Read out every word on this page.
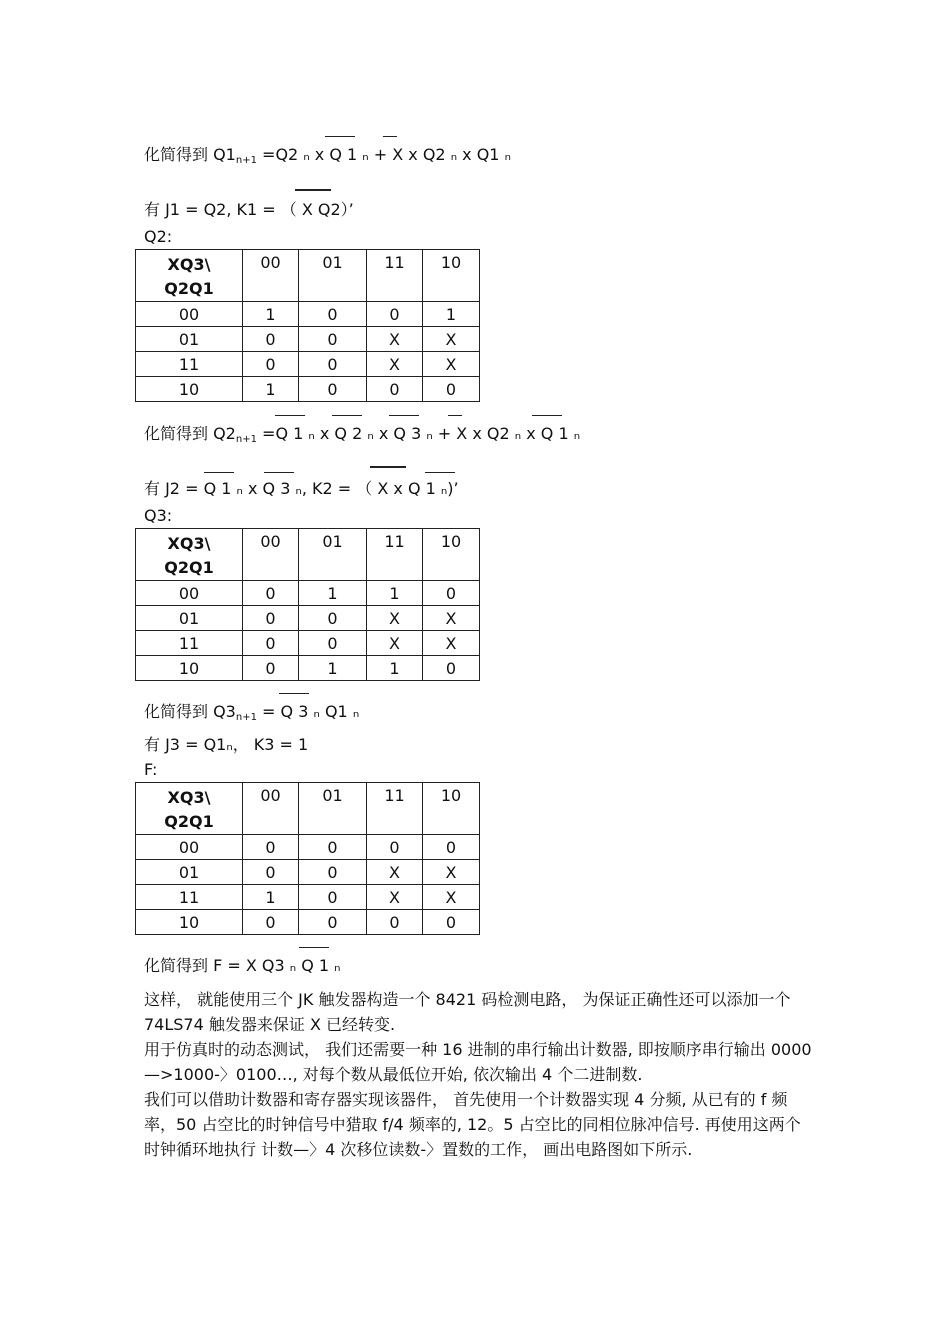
化简得到 $Q1_{n+1} =Q2$ ₙ x Q 1 ₙ + X x Q2 ₙ x Q1 ₙ
有 J1 = Q2, K1 = （ X Q2）’
Q2:
XQ3\
Q2Q1	00	01	11	10
00	1	0	0	1
01	0	0	X	X
11	0	0	X	X
10	1	0	0	0
化简得到 $Q2_{n+1} =Q$ 1 ₙ x Q 2 ₙ x Q 3 ₙ + X x Q2 ₙ x Q 1 ₙ
有 J2 = Q 1 ₙ x Q 3 ₙ, K2 = （ X x Q 1 ₙ)’
Q3:
XQ3\
Q2Q1	00	01	11	10
00	0	1	1	0
01	0	0	X	X
11	0	0	X	X
10	0	1	1	0
化简得到 $Q3_{n+1} = Q$ 3 ₙ Q1 ₙ
有 J3 = Q1ₙ， K3 = 1
F:
XQ3\
Q2Q1	00	01	11	10
00	0	0	0	0
01	0	0	X	X
11	1	0	X	X
10	0	0	0	0
化简得到 F = X Q3 ₙ Q 1 ₙ

这样， 就能使用三个 JK 触发器构造一个 8421 码检测电路， 为保证正确性还可以添加一个 74LS74 触发器来保证 X 已经转变.

用于仿真时的动态测试， 我们还需要一种 16 进制的串行输出计数器, 即按顺序串行输出 0000—>1000-〉0100…, 对每个数从最低位开始, 依次输出 4 个二进制数.

我们可以借助计数器和寄存器实现该器件， 首先使用一个计数器实现 4 分频, 从已有的 f 频率，50 占空比的时钟信号中猎取 f/4 频率的, 12。5 占空比的同相位脉冲信号. 再使用这两个时钟循环地执行 计数—〉4 次移位读数-〉置数的工作， 画出电路图如下所示.
